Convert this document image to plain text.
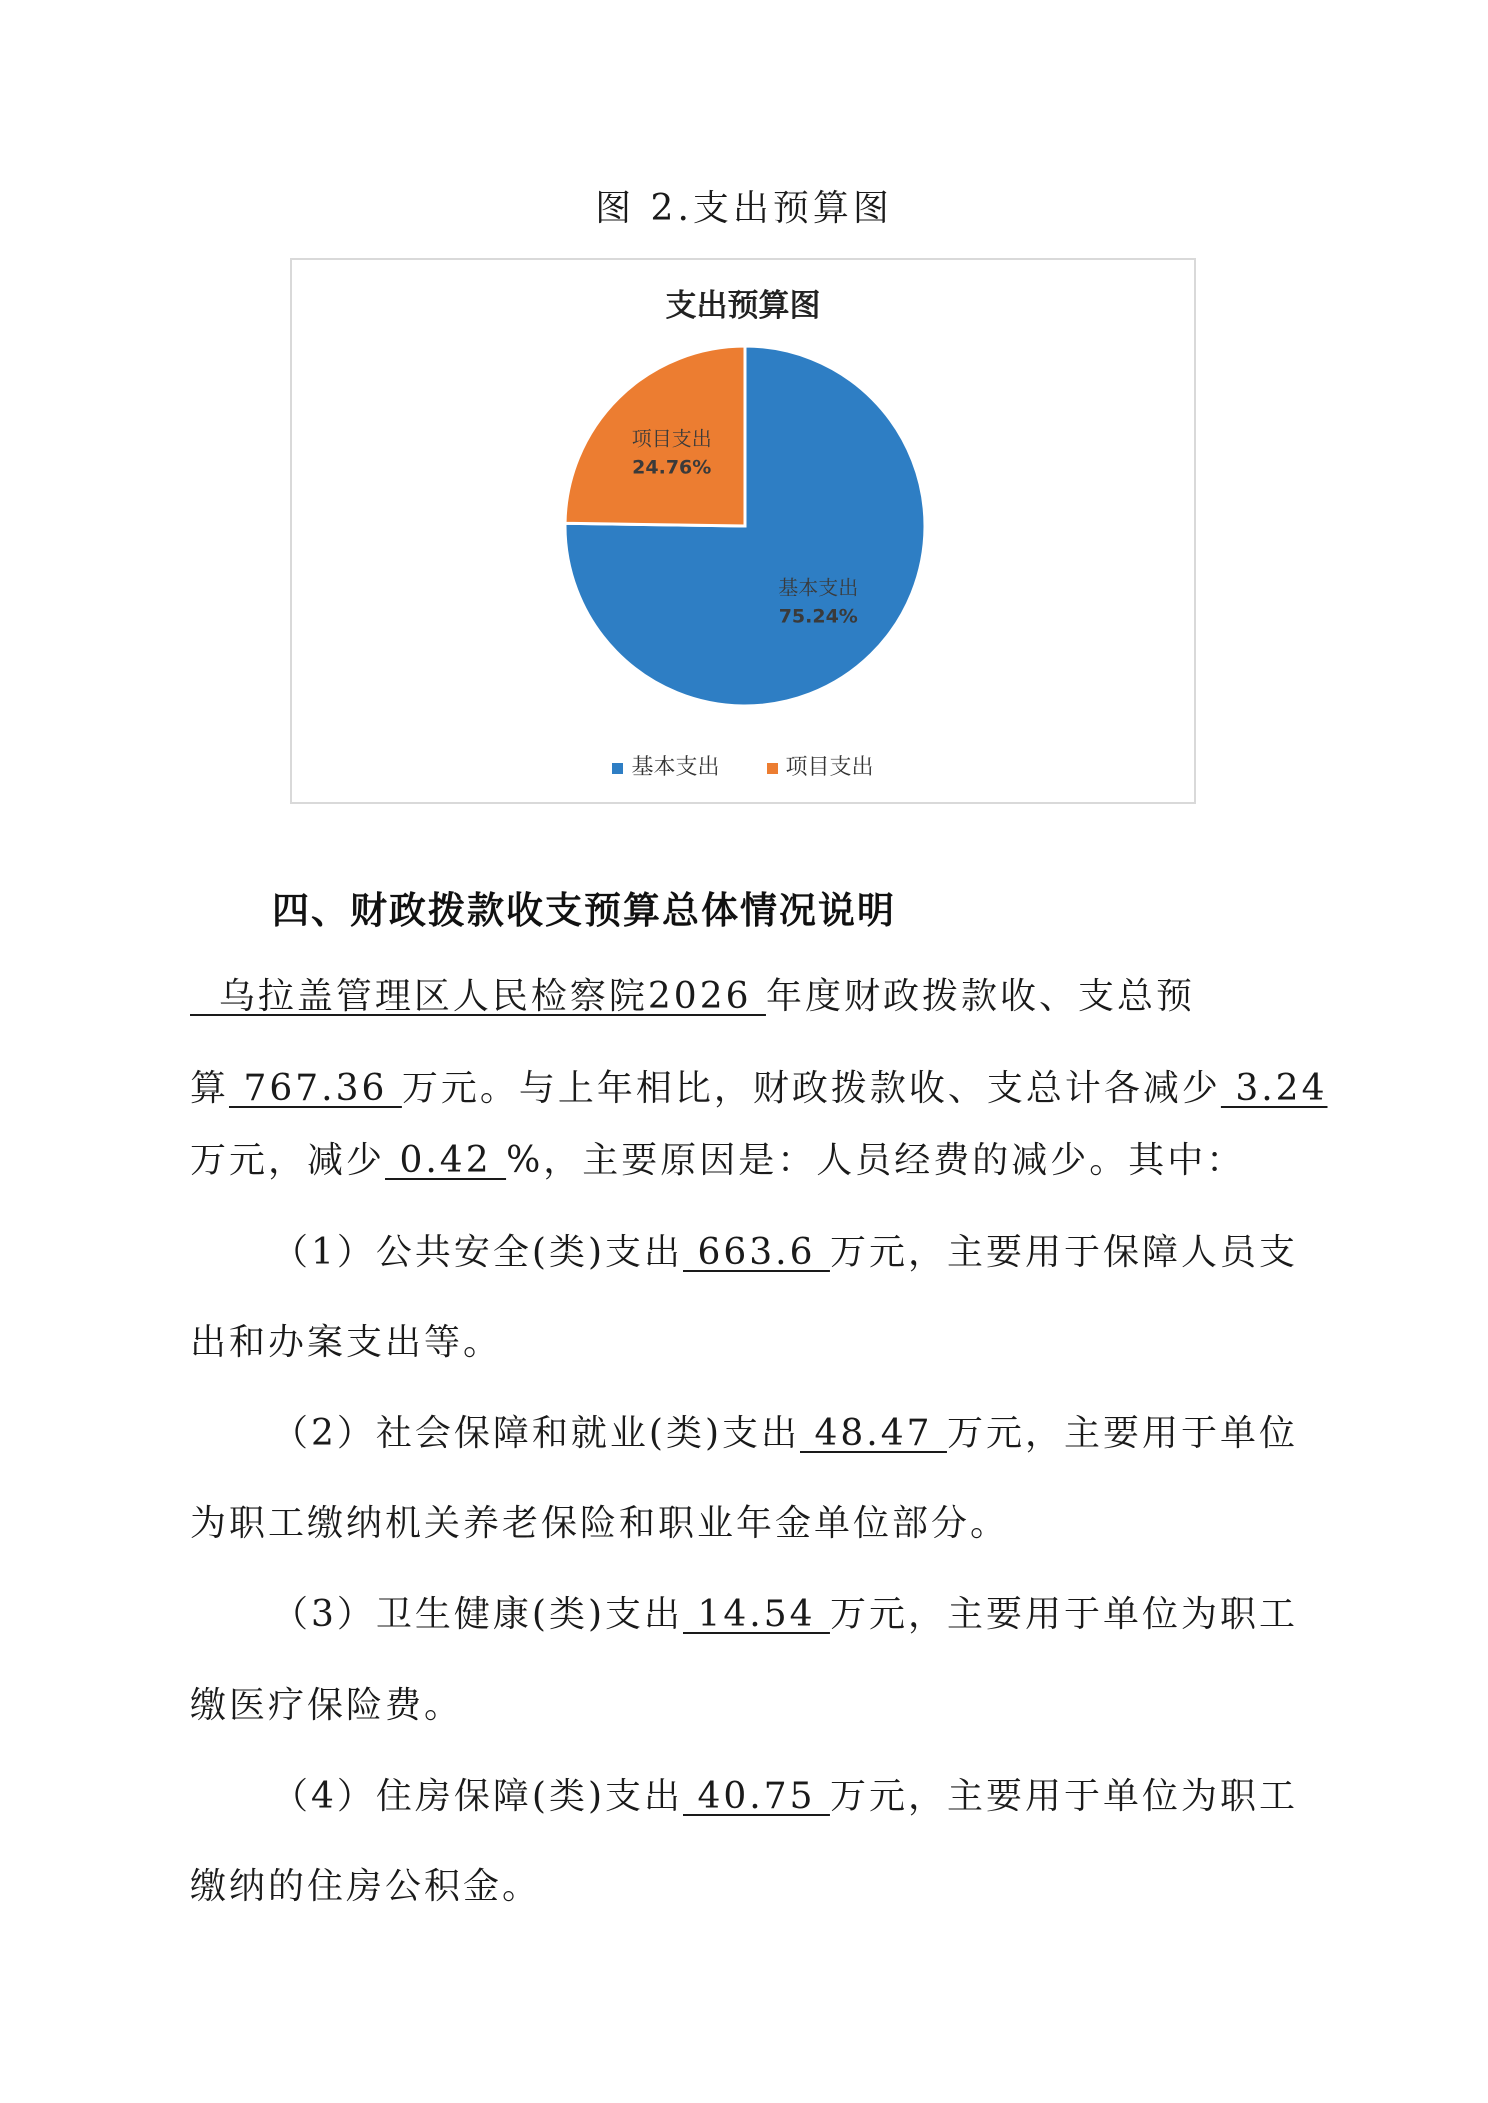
图 2.支出预算图
支出预算图
基本支出
75.24%
项目支出
24.76%
基本支出	项目支出
四、财政拨款收支预算总体情况说明
乌拉盖管理区人民检察院2026 年度财政拨款收、支总预
算 767.36 万元。与上年相比，财政拨款收、支总计各减少 3.24
万元，减少 0.42 %，主要原因是：人员经费的减少。其中：
（1）公共安全(类)支出 663.6 万元，主要用于保障人员支
出和办案支出等。
（2）社会保障和就业(类)支出 48.47 万元，主要用于单位
为职工缴纳机关养老保险和职业年金单位部分。
（3）卫生健康(类)支出 14.54 万元，主要用于单位为职工
缴医疗保险费。
（4）住房保障(类)支出 40.75 万元，主要用于单位为职工
缴纳的住房公积金。
